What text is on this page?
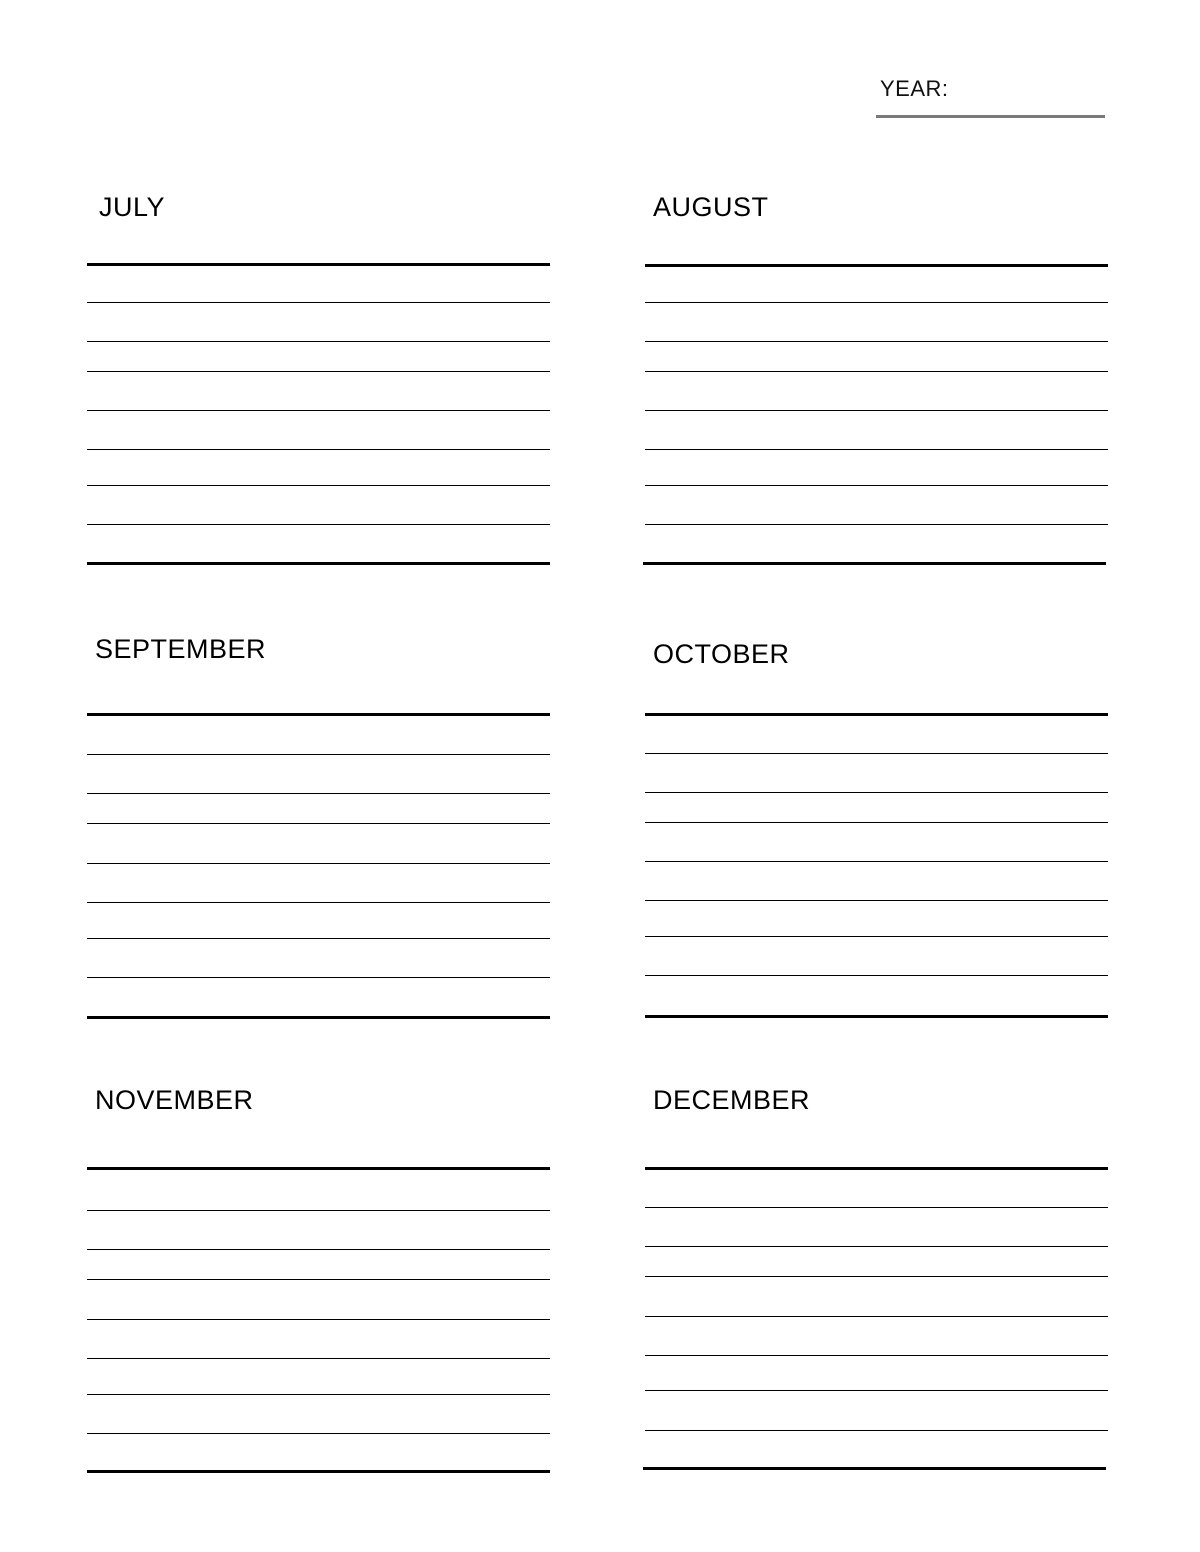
YEAR:
JULY	AUGUST
SEPTEMBER	OCTOBER
NOVEMBER	DECEMBER
